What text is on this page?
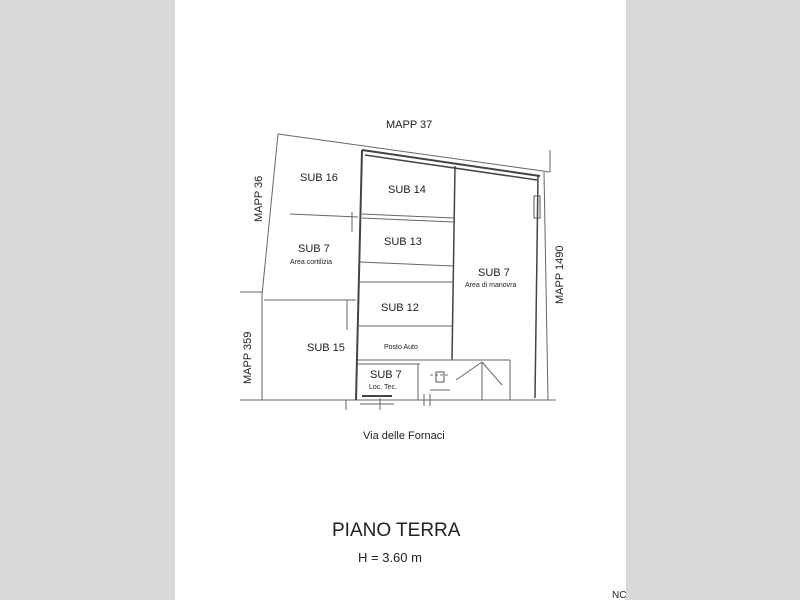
MAPP 37
MAPP 36
MAPP 359
MAPP 1490
SUB 16
SUB 14
SUB 13
SUB 12
SUB 15
SUB 7
Area cortilizia
SUB 7
Area di manovra
Posto Auto
SUB 7
Loc. Tec.
Via delle Fornaci
PIANO TERRA
H = 3.60 m
NC
